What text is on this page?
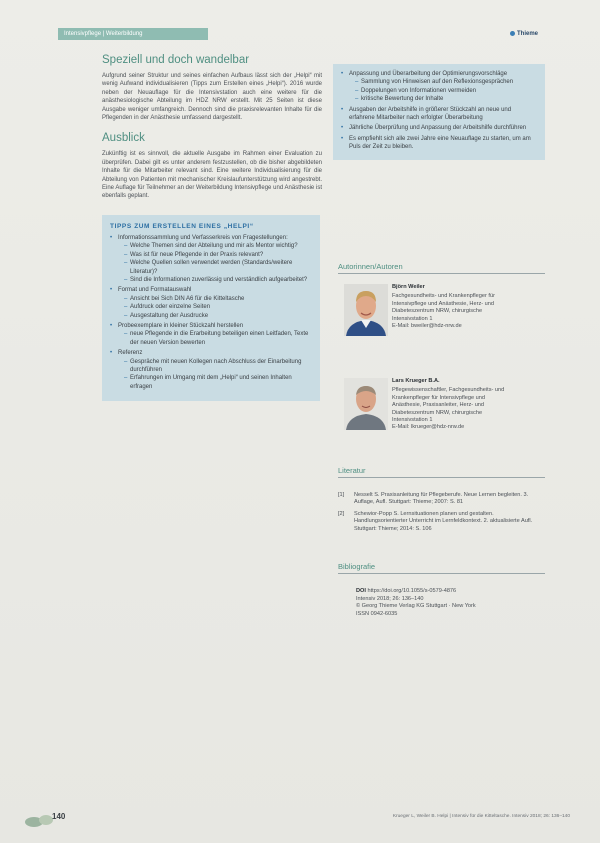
Intensivpflege | Weiterbildung	Thieme
Speziell und doch wandelbar

Aufgrund seiner Struktur und seines einfachen Aufbaus lässt sich der „Helpi“ mit wenig Aufwand individualisieren (Tipps zum Erstellen eines „Helpi“). 2016 wurde neben der Neuauflage für die Intensivstation auch eine weitere für die anästhesiologische Abteilung im HDZ NRW erstellt. Mit 25 Seiten ist diese Ausgabe weniger umfangreich. Dennoch sind die praxisrelevanten Inhalte für die Pflegenden in der Anästhesie umfassend dargestellt.

Ausblick

Zukünftig ist es sinnvoll, die aktuelle Ausgabe im Rahmen einer Evaluation zu überprüfen. Dabei gilt es unter anderem festzustellen, ob die bisher abgebildeten Inhalte für die Mitarbeiter relevant sind. Eine weitere Individualisierung für die Abteilung von Patienten mit mechanischer Kreislaufunterstützung wird angestrebt. Eine Auflage für Teilnehmer an der Weiterbildung Intensivpflege und Anästhesie ist ebenfalls geplant.

TIPPS ZUM ERSTELLEN EINES „HELPI“
• Informationssammlung und Verfasserkreis von Fragestellungen:
– Welche Themen sind der Abteilung und mir als Mentor wichtig?
– Was ist für neue Pflegende in der Praxis relevant?
– Welche Quellen sollen verwendet werden (Standards/weitere Literatur)?
– Sind die Informationen zuverlässig und verständlich aufgearbeitet?
• Format und Formatauswahl
– Ansicht bei Sich DIN A6 für die Kitteltasche
– Aufdruck oder einzelne Seiten
– Ausgestaltung der Ausdrucke
• Probeexemplare in kleiner Stückzahl herstellen
– neue Pflegende in die Erarbeitung beteiligen einen Leitfaden, Texte der neuen Version bewerten
• Referenz
– Gespräche mit neuen Kollegen nach Abschluss der Einarbeitung durchführen
– Erfahrungen im Umgang mit dem „Helpi“ und seinen Inhalten erfragen
• Anpassung und Überarbeitung der Optimierungsvorschläge
– Sammlung von Hinweisen auf den Reflexionsgesprächen
– Doppelungen von Informationen vermeiden
– kritische Bewertung der Inhalte
• Ausgaben der Arbeitshilfe in größerer Stückzahl an neue und erfahrene Mitarbeiter nach erfolgter Überarbeitung
• Jährliche Überprüfung und Anpassung der Arbeitshilfe durchführen
• Es empfiehlt sich alle zwei Jahre eine Neuauflage zu starten, um am Puls der Zeit zu bleiben.
Autorinnen/Autoren
Björn Weiler
Fachgesundheits- und Krankenpfleger für
Intensivpflege und Anästhesie, Herz- und
Diabeteszentrum NRW, chirurgische
Intensivstation 1
E-Mail: bweiler@hdz-nrw.de
Lars Krueger B.A.
Pflegewissenschaftler, Fachgesundheits- und
Krankenpfleger für Intensivpflege und
Anästhesie, Praxisanleiter, Herz- und
Diabeteszentrum NRW, chirurgische
Intensivstation 1
E-Mail: lkrueger@hdz-nrw.de
Literatur
[1]	Nesselt S. Praxisanleitung für Pflegeberufe. Neue Lernen begleiten. 3. Auflage, Aufl. Stuttgart: Thieme; 2007: S. 81
[2]	Schewior-Popp S. Lernsituationen planen und gestalten. Handlungsorientierter Unterricht im Lernfeldkontext. 2. aktualisierte Aufl. Stuttgart: Thieme; 2014: S. 106
Bibliografie
DOI https://doi.org/10.1055/s-0579-4876
Intensiv 2018; 26: 136–140
© Georg Thieme Verlag KG Stuttgart · New York
ISSN 0942-6035
140	Krueger L, Weiler B. Helpi | Intensiv für die Kitteltasche. Intensiv 2018; 26: 136–140
